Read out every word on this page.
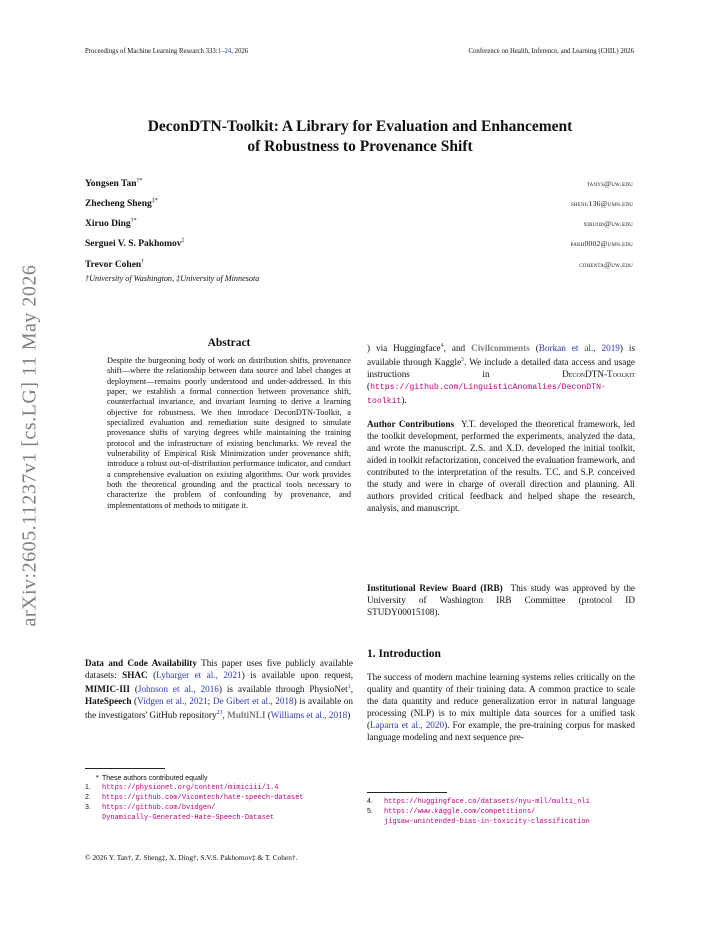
Proceedings of Machine Learning Research 333:1–24, 2026	Conference on Health, Inference, and Learning (CHIL) 2026
arXiv:2605.11237v1 [cs.LG] 11 May 2026
DeconDTN-Toolkit: A Library for Evaluation and Enhancement
of Robustness to Provenance Shift
Yongsen Tan†*	tanys@uw.edu
Zhecheng Sheng‡*	sheng136@umn.edu
Xiruo Ding†*	xiruod@uw.edu
Serguei V. S. Pakhomov‡	pakh0002@umn.edu
Trevor Cohen†	cohenta@uw.edu
†University of Washington, ‡University of Minnesota
Abstract
Despite the burgeoning body of work on distribution shifts, provenance shift—where the relationship between data source and label changes at deployment—remains poorly understood and under-addressed. In this paper, we establish a formal connection between provenance shift, counterfactual invariance, and invariant learning to derive a learning objective for robustness. We then introduce DeconDTN-Toolkit, a specialized evaluation and remediation suite designed to simulate provenance shifts of varying degrees while maintaining the training protocol and the infrastructure of existing benchmarks. We reveal the vulnerability of Empirical Risk Minimization under provenance shift, introduce a robust out-of-distribution performance indicator, and conduct a comprehensive evaluation on existing algorithms. Our work provides both the theoretical grounding and the practical tools necessary to characterize the problem of confounding by provenance, and implementations of methods to mitigate it.
Data and Code Availability This paper uses five publicly available datasets: SHAC (Lybarger et al., 2021) is available upon request, MIMIC-III (Johnson et al., 2016) is available through PhysioNet$^1$, HateSpeech (Vidgen et al., 2021; De Gibert et al., 2018) is available on the investigators' GitHub repository$^{23}$, MultiNLI (Williams et al., 2018)
* These authors contributed equally
1. https://physionet.org/content/mimiciii/1.4
2. https://github.com/Vicomtech/hate-speech-dataset
3. https://github.com/bvidgen/
Dynamically-Generated-Hate-Speech-Dataset
) via Huggingface$^4$, and Civilcomments (Borkan et al., 2019) is available through Kaggle$^5$. We include a detailed data access and usage instructions in DeconDTN-Toolkit (https://github.com/LinguisticAnomalies/DeconDTN-toolkit).
Author Contributions Y.T. developed the theoretical framework, led the toolkit development, performed the experiments, analyzed the data, and wrote the manuscript. Z.S. and X.D. developed the initial toolkit, aided in toolkit refactorization, conceived the evaluation framework, and contributed to the interpretation of the results. T.C. and S.P. conceived the study and were in charge of overall direction and planning. All authors provided critical feedback and helped shape the research, analysis, and manuscript.
Institutional Review Board (IRB) This study was approved by the University of Washington IRB Committee (protocol ID STUDY00015108).
1. Introduction
The success of modern machine learning systems relies critically on the quality and quantity of their training data. A common practice to scale the data quantity and reduce generalization error in natural language processing (NLP) is to mix multiple data sources for a unified task (Laparra et al., 2020). For example, the pre-training corpus for masked language modeling and next sequence pre-
4. https://huggingface.co/datasets/nyu-mll/multi_nli
5. https://www.kaggle.com/competitions/
jigsaw-unintended-bias-in-toxicity-classification
© 2026 Y. Tan†, Z. Sheng‡, X. Ding†, S.V.S. Pakhomov‡ & T. Cohen†.
